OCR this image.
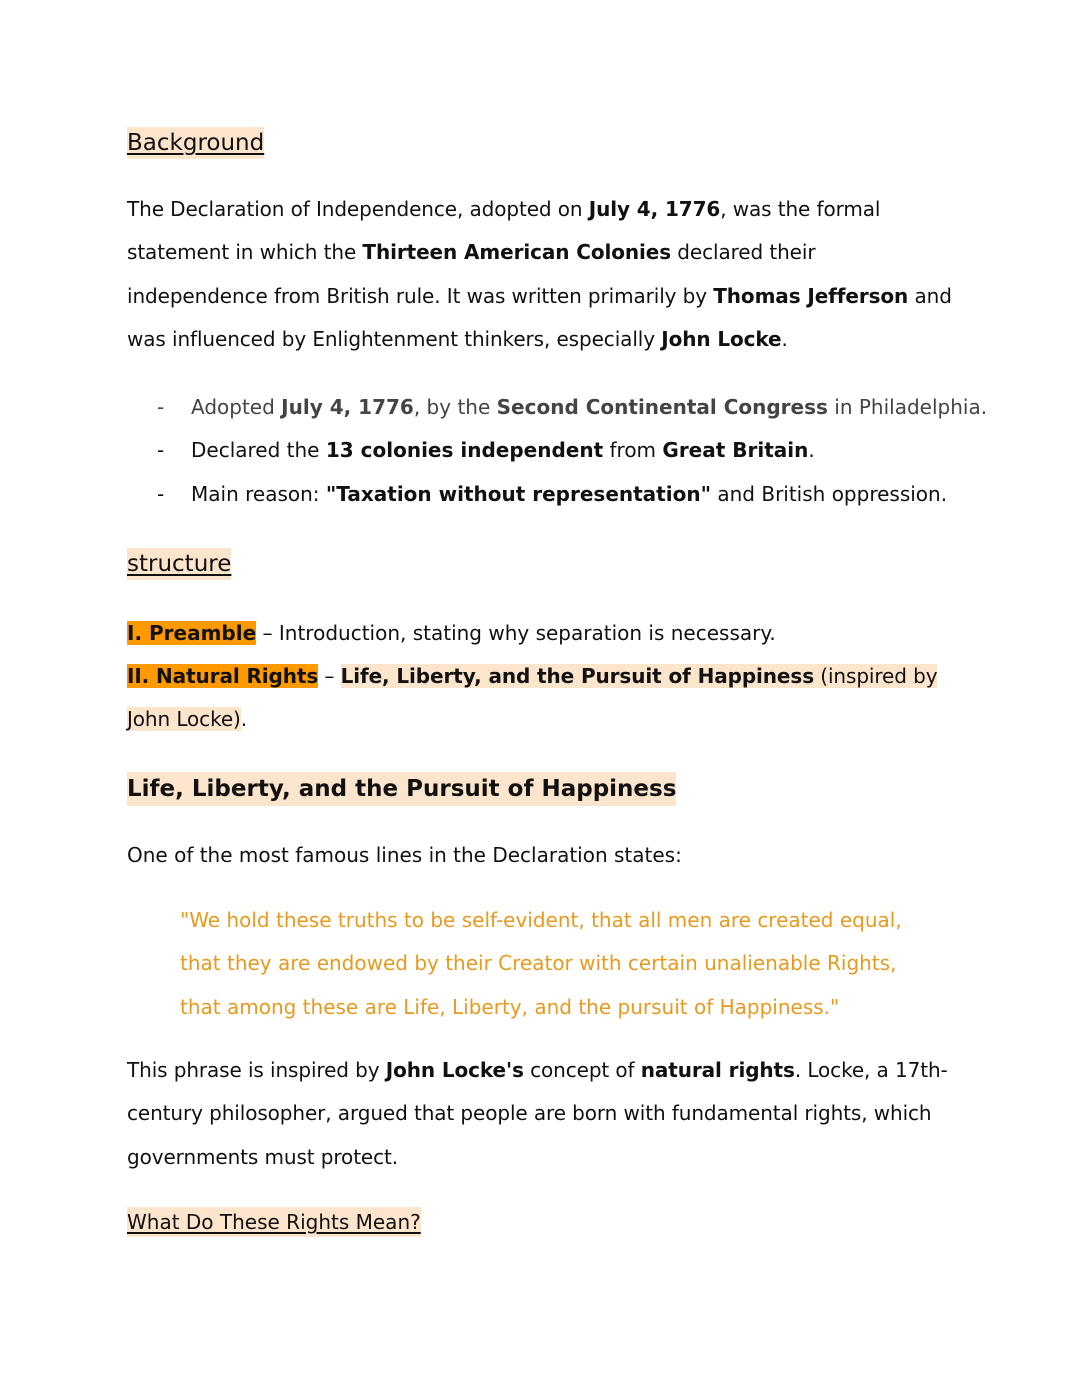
Background
The Declaration of Independence, adopted on July 4, 1776, was the formal statement in which the Thirteen American Colonies declared their independence from British rule. It was written primarily by Thomas Jefferson and was influenced by Enlightenment thinkers, especially John Locke.
- Adopted July 4, 1776, by the Second Continental Congress in Philadelphia.
- Declared the 13 colonies independent from Great Britain.
- Main reason: "Taxation without representation" and British oppression.
structure
I. Preamble – Introduction, stating why separation is necessary.
II. Natural Rights – Life, Liberty, and the Pursuit of Happiness (inspired by John Locke).
Life, Liberty, and the Pursuit of Happiness
One of the most famous lines in the Declaration states:
"We hold these truths to be self-evident, that all men are created equal, that they are endowed by their Creator with certain unalienable Rights, that among these are Life, Liberty, and the pursuit of Happiness."
This phrase is inspired by John Locke's concept of natural rights. Locke, a 17th-century philosopher, argued that people are born with fundamental rights, which governments must protect.
What Do These Rights Mean?
